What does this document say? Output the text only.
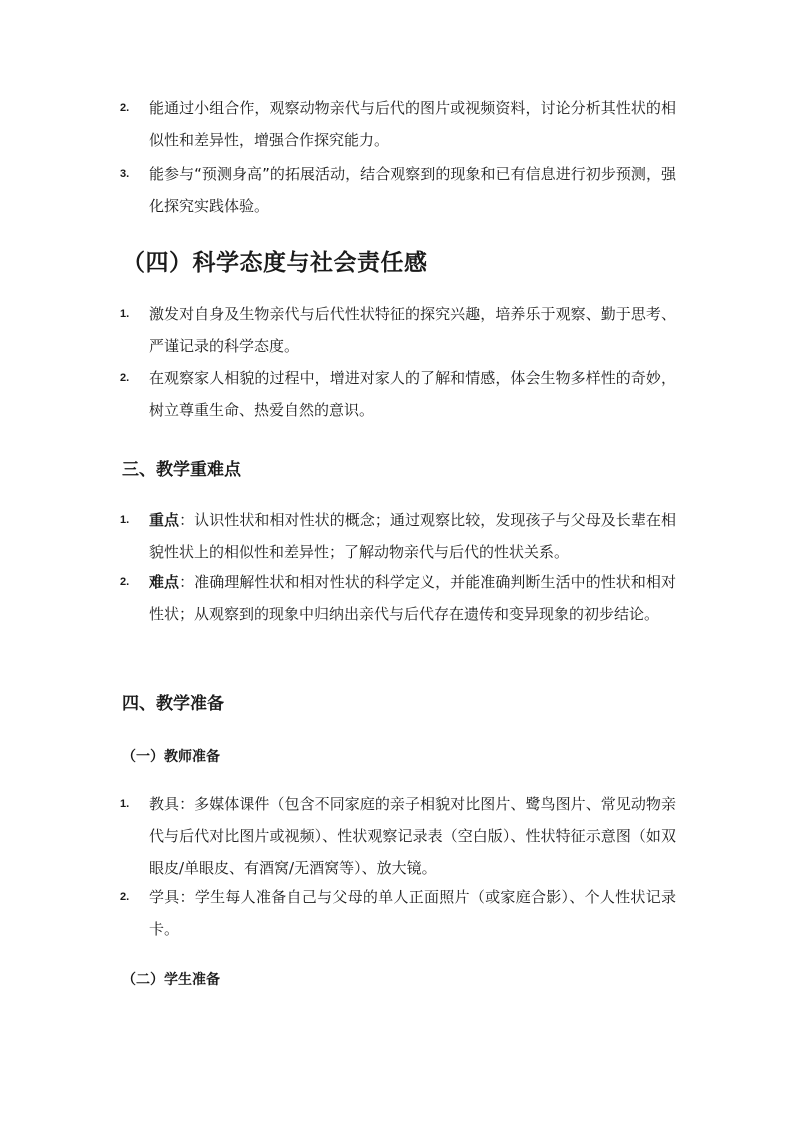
2. 能通过小组合作，观察动物亲代与后代的图片或视频资料，讨论分析其性状的相似性和差异性，增强合作探究能力。
3. 能参与“预测身高”的拓展活动，结合观察到的现象和已有信息进行初步预测，强化探究实践体验。
（四）科学态度与社会责任感
1. 激发对自身及生物亲代与后代性状特征的探究兴趣，培养乐于观察、勤于思考、严谨记录的科学态度。
2. 在观察家人相貌的过程中，增进对家人的了解和情感，体会生物多样性的奇妙，树立尊重生命、热爱自然的意识。
三、教学重难点
1. 重点：认识性状和相对性状的概念；通过观察比较，发现孩子与父母及长辈在相貌性状上的相似性和差异性；了解动物亲代与后代的性状关系。
2. 难点：准确理解性状和相对性状的科学定义，并能准确判断生活中的性状和相对性状；从观察到的现象中归纳出亲代与后代存在遗传和变异现象的初步结论。
四、教学准备
（一）教师准备
1. 教具：多媒体课件（包含不同家庭的亲子相貌对比图片、鹭鸟图片、常见动物亲代与后代对比图片或视频）、性状观察记录表（空白版）、性状特征示意图（如双眼皮/单眼皮、有酒窝/无酒窝等）、放大镜。
2. 学具：学生每人准备自己与父母的单人正面照片（或家庭合影）、个人性状记录卡。
（二）学生准备
